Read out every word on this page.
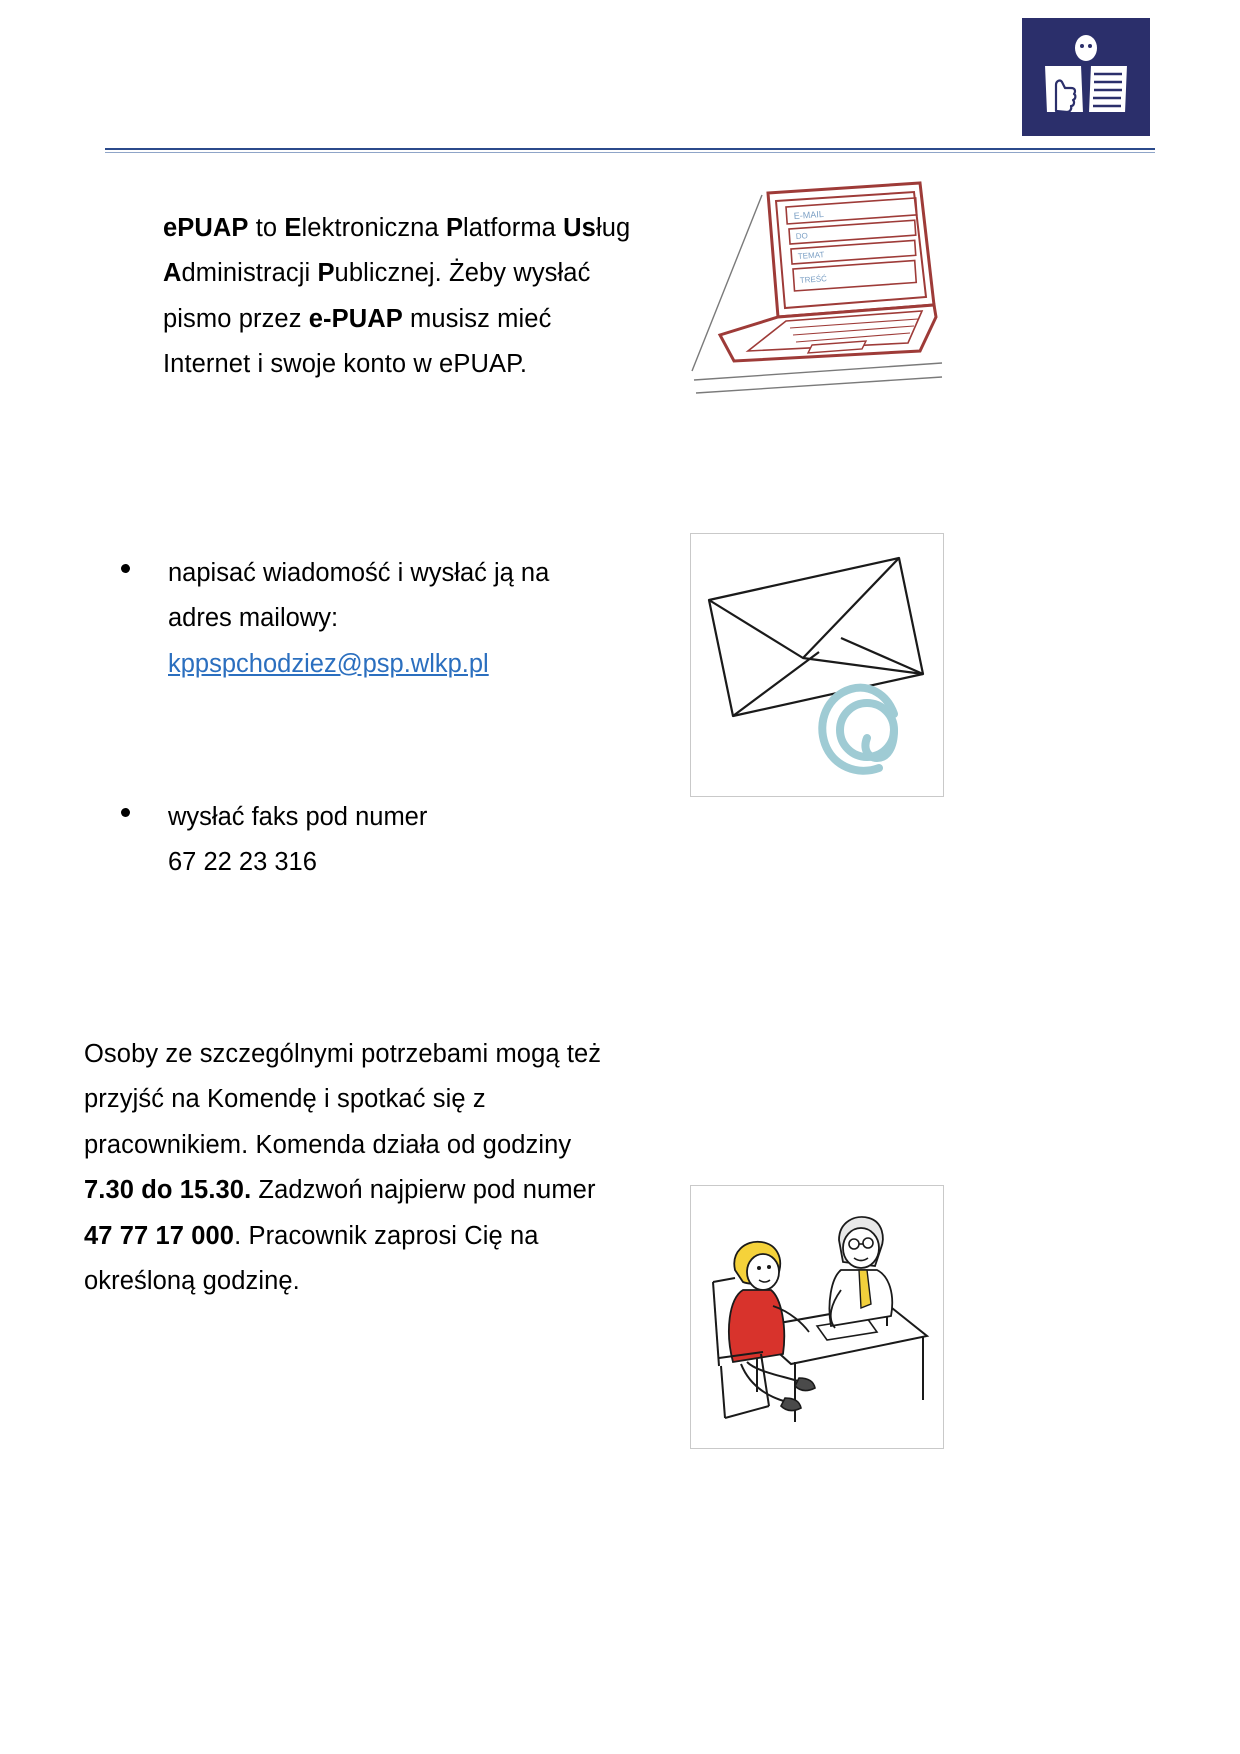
ePUAP to Elektroniczna Platforma Usług Administracji Publicznej. Żeby wysłać pismo przez e-PUAP musisz mieć Internet i swoje konto w ePUAP.
E-MAIL
DO
TEMAT
TREŚĆ
napisać wiadomość i wysłać ją na
adres mailowy:
kppspchodziez@psp.wlkp.pl
wysłać faks pod numer
67 22 23 316
Osoby ze szczególnymi potrzebami mogą też przyjść na Komendę i spotkać się z pracownikiem. Komenda działa od godziny 7.30 do 15.30. Zadzwoń najpierw pod numer 47 77 17 000. Pracownik zaprosi Cię na określoną godzinę.
